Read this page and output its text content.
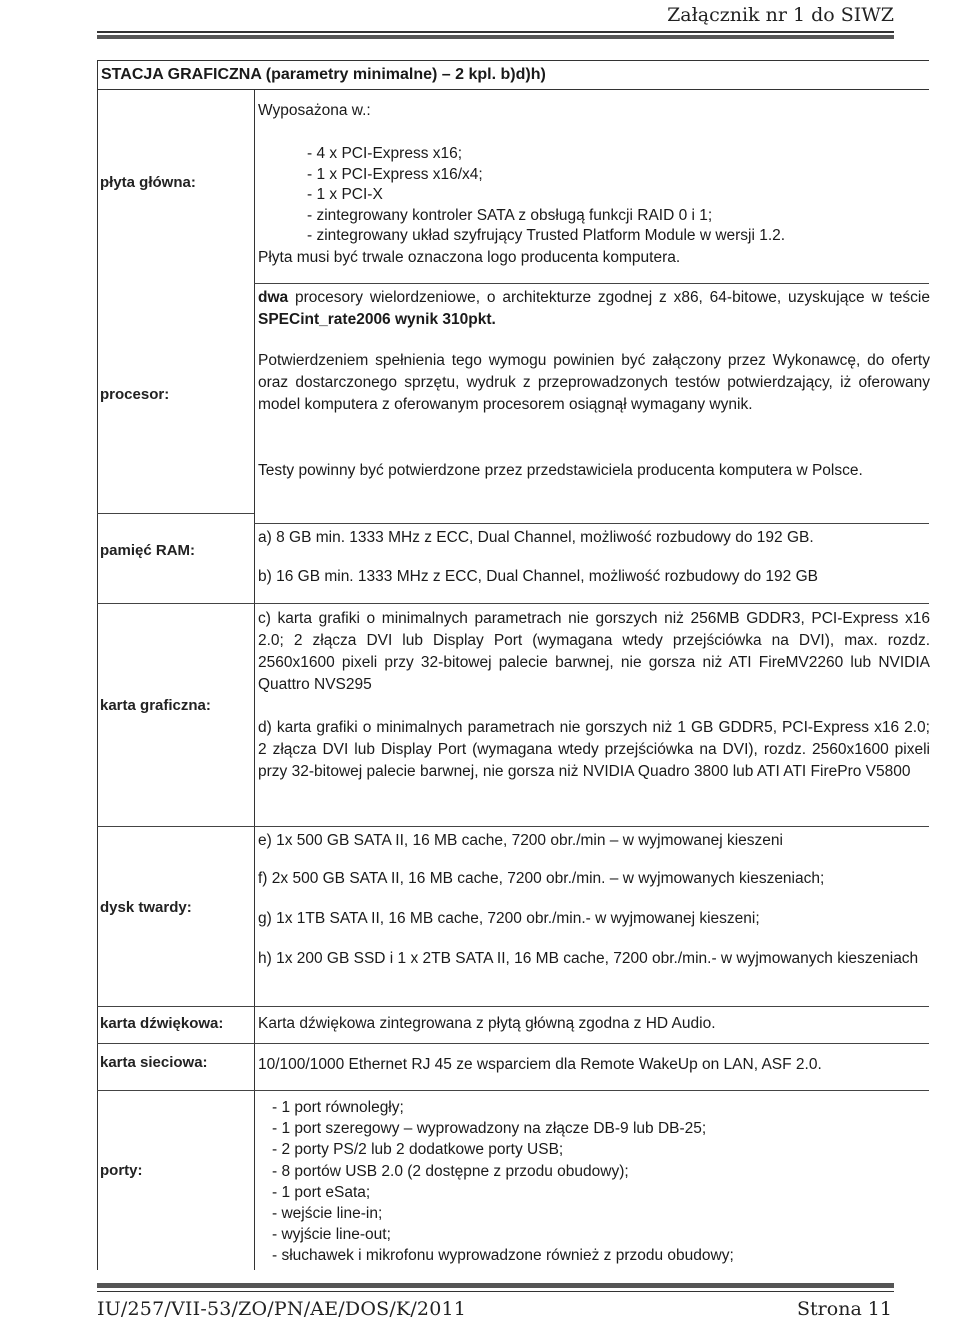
Załącznik nr 1 do SIWZ
STACJA GRAFICZNA (parametry minimalne) – 2 kpl. b)d)h)
płyta główna:
Wyposażona w.:
- 4 x PCI-Express x16;
- 1 x PCI-Express x16/x4;
- 1 x PCI-X
- zintegrowany kontroler SATA z obsługą funkcji RAID 0 i 1;
- zintegrowany układ szyfrujący Trusted Platform Module w wersji 1.2.
Płyta musi być trwale oznaczona logo producenta komputera.
procesor:
dwa procesory wielordzeniowe, o architekturze zgodnej z x86, 64-bitowe, uzyskujące w teście SPECint_rate2006 wynik 310pkt.
Potwierdzeniem spełnienia tego wymogu powinien być załączony przez Wykonawcę, do oferty oraz dostarczonego sprzętu, wydruk z przeprowadzonych testów potwierdzający, iż oferowany model komputera z oferowanym procesorem osiągnął wymagany wynik.
Testy powinny być potwierdzone przez przedstawiciela producenta komputera w Polsce.
pamięć RAM:
a) 8 GB min. 1333 MHz z ECC, Dual Channel, możliwość rozbudowy do 192 GB.
b) 16 GB min. 1333 MHz z ECC, Dual Channel, możliwość rozbudowy do 192 GB
karta graficzna:
c) karta grafiki o minimalnych parametrach nie gorszych niż 256MB GDDR3, PCI-Express x16 2.0; 2 złącza DVI lub Display Port (wymagana wtedy przejściówka na DVI), max. rozdz. 2560x1600 pixeli przy 32-bitowej palecie barwnej, nie gorsza niż ATI FireMV2260 lub NVIDIA Quattro NVS295
d) karta grafiki o minimalnych parametrach nie gorszych niż 1 GB GDDR5, PCI-Express x16 2.0; 2 złącza DVI lub Display Port (wymagana wtedy przejściówka na DVI), rozdz. 2560x1600 pixeli przy 32-bitowej palecie barwnej, nie gorsza niż NVIDIA Quadro 3800 lub ATI ATI FirePro V5800
dysk twardy:
e) 1x 500 GB SATA II, 16 MB cache, 7200 obr./min – w wyjmowanej kieszeni
f) 2x 500 GB SATA II, 16 MB cache, 7200 obr./min. – w wyjmowanych kieszeniach;
g) 1x 1TB SATA II, 16 MB cache, 7200 obr./min.- w wyjmowanej kieszeni;
h) 1x 200 GB SSD i 1 x 2TB SATA II, 16 MB cache, 7200 obr./min.- w wyjmowanych kieszeniach
karta dźwiękowa: Karta dźwiękowa zintegrowana z płytą główną zgodna z HD Audio.
karta sieciowa:	10/100/1000 Ethernet RJ 45 ze wsparciem dla Remote WakeUp on LAN, ASF 2.0.
porty:
- 1 port równoległy;
- 1 port szeregowy – wyprowadzony na złącze DB-9 lub DB-25;
- 2 porty PS/2 lub 2 dodatkowe porty USB;
- 8 portów USB 2.0 (2 dostępne z przodu obudowy);
- 1 port eSata;
- wejście line-in;
- wyjście line-out;
- słuchawek i mikrofonu wyprowadzone również z przodu obudowy;
IU/257/VII-53/ZO/PN/AE/DOS/K/2011	Strona 11
